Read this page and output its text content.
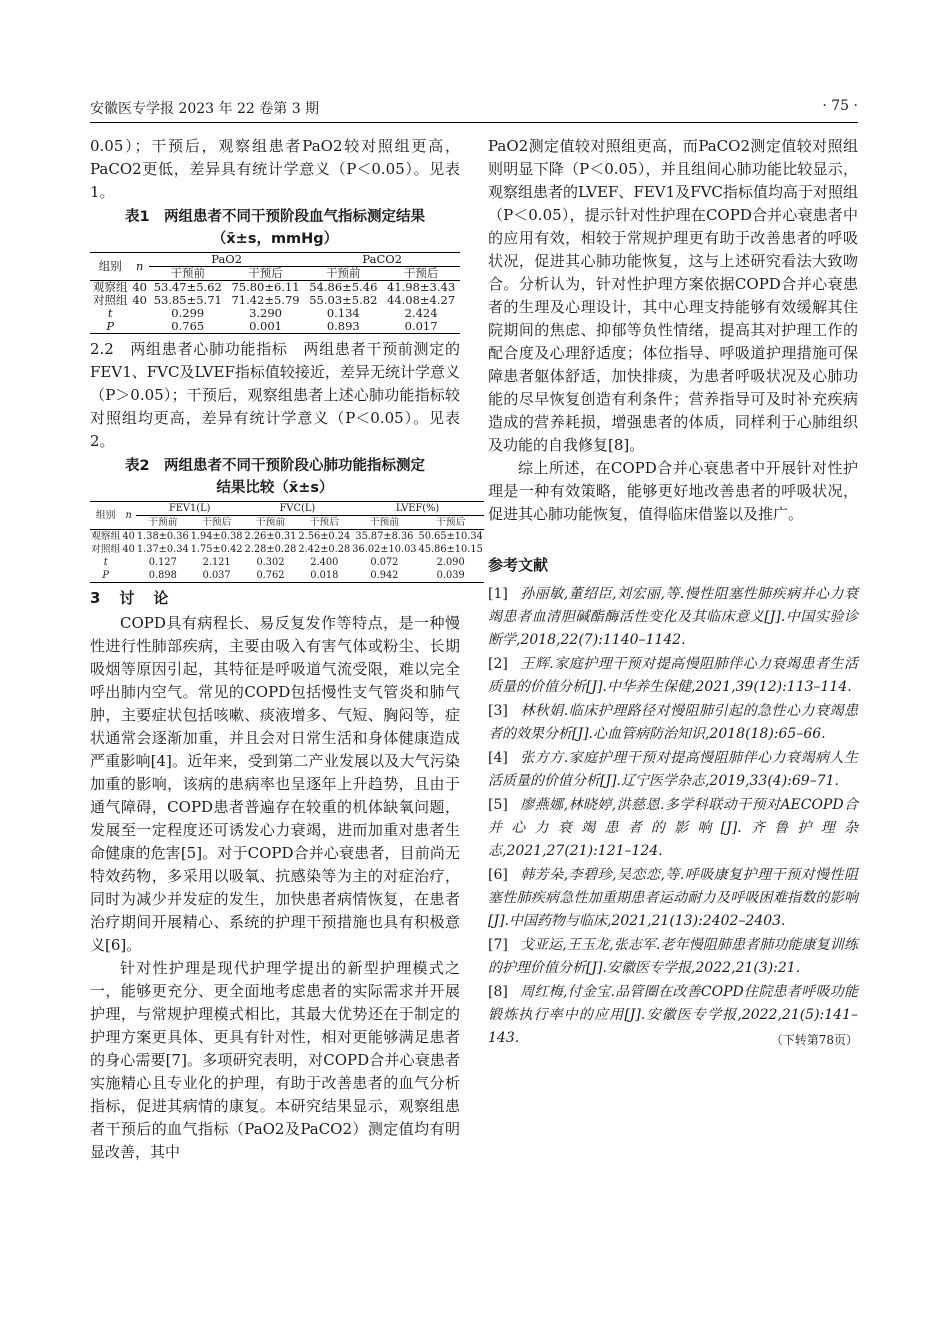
安徽医专学报 2023 年 22 卷第 3 期	· 75 ·

0.05）；干预后，观察组患者PaO2较对照组更高，PaCO2更低，差异具有统计学意义（P＜0.05）。见表1。

表1　两组患者不同干预阶段血气指标测定结果
（x̄±s，mmHg）
组别	n	PaO2		PaCO2	
		干预前	干预后	干预前	干预后
观察组	40	53.47±5.62	75.80±6.11	54.86±5.46	41.98±3.43
对照组	40	53.85±5.71	71.42±5.79	55.03±5.82	44.08±4.27
t		0.299	3.290	0.134	2.424
P		0.765	0.001	0.893	0.017

2.2　两组患者心肺功能指标　两组患者干预前测定的FEV1、FVC及LVEF指标值较接近，差异无统计学意义（P＞0.05）；干预后，观察组患者上述心肺功能指标较对照组均更高，差异有统计学意义（P＜0.05）。见表2。

表2　两组患者不同干预阶段心肺功能指标测定
结果比较（x̄±s）
组别	n	FEV1(L)		FVC(L)		LVEF(%)	
		干预前	干预后	干预前	干预后	干预前	干预后
观察组	40	1.38±0.36	1.94±0.38	2.26±0.31	2.56±0.24	35.87±8.36	50.65±10.34
对照组	40	1.37±0.34	1.75±0.42	2.28±0.28	2.42±0.28	36.02±10.03	45.86±10.15
t		0.127	2.121	0.302	2.400	0.072	2.090
P		0.898	0.037	0.762	0.018	0.942	0.039
3　讨　论

COPD具有病程长、易反复发作等特点，是一种慢性进行性肺部疾病，主要由吸入有害气体或粉尘、长期吸烟等原因引起，其特征是呼吸道气流受限，难以完全呼出肺内空气。常见的COPD包括慢性支气管炎和肺气肿，主要症状包括咳嗽、痰液增多、气短、胸闷等，症状通常会逐渐加重，并且会对日常生活和身体健康造成严重影响[4]。近年来，受到第二产业发展以及大气污染加重的影响，该病的患病率也呈逐年上升趋势，且由于通气障碍，COPD患者普遍存在较重的机体缺氧问题，发展至一定程度还可诱发心力衰竭，进而加重对患者生命健康的危害[5]。对于COPD合并心衰患者，目前尚无特效药物，多采用以吸氧、抗感染等为主的对症治疗，同时为减少并发症的发生，加快患者病情恢复，在患者治疗期间开展精心、系统的护理干预措施也具有积极意义[6]。

针对性护理是现代护理学提出的新型护理模式之一，能够更充分、更全面地考虑患者的实际需求并开展护理，与常规护理模式相比，其最大优势还在于制定的护理方案更具体、更具有针对性，相对更能够满足患者的身心需要[7]。多项研究表明，对COPD合并心衰患者实施精心且专业化的护理，有助于改善患者的血气分析指标，促进其病情的康复。本研究结果显示，观察组患者干预后的血气指标（PaO2及PaCO2）测定值均有明显改善，其中

PaO2测定值较对照组更高，而PaCO2测定值较对照组则明显下降（P＜0.05），并且组间心肺功能比较显示，观察组患者的LVEF、FEV1及FVC指标值均高于对照组（P＜0.05），提示针对性护理在COPD合并心衰患者中的应用有效，相较于常规护理更有助于改善患者的呼吸状况，促进其心肺功能恢复，这与上述研究看法大致吻合。分析认为，针对性护理方案依据COPD合并心衰患者的生理及心理设计，其中心理支持能够有效缓解其住院期间的焦虑、抑郁等负性情绪，提高其对护理工作的配合度及心理舒适度；体位指导、呼吸道护理措施可保障患者躯体舒适，加快排痰，为患者呼吸状况及心肺功能的尽早恢复创造有利条件；营养指导可及时补充疾病造成的营养耗损，增强患者的体质，同样利于心肺组织及功能的自我修复[8]。

综上所述，在COPD合并心衰患者中开展针对性护理是一种有效策略，能够更好地改善患者的呼吸状况，促进其心肺功能恢复，值得临床借鉴以及推广。

参考文献
[1] 孙丽敏,董绍臣,刘宏丽,等.慢性阻塞性肺疾病并心力衰竭患者血清胆碱酯酶活性变化及其临床意义[J].中国实验诊断学,2018,22(7):1140–1142.
[2] 王辉.家庭护理干预对提高慢阻肺伴心力衰竭患者生活质量的价值分析[J].中华养生保健,2021,39(12):113–114.
[3] 林秋娟.临床护理路径对慢阻肺引起的急性心力衰竭患者的效果分析[J].心血管病防治知识,2018(18):65–66.
[4] 张方方.家庭护理干预对提高慢阻肺伴心力衰竭病人生活质量的价值分析[J].辽宁医学杂志,2019,33(4):69–71.
[5] 廖燕娜,林晓婷,洪慈恩.多学科联动干预对AECOPD合并心力衰竭患者的影响[J].齐鲁护理杂志,2021,27(21):121–124.
[6] 韩芳朵,李碧珍,吴恋恋,等.呼吸康复护理干预对慢性阻塞性肺疾病急性加重期患者运动耐力及呼吸困难指数的影响[J].中国药物与临床,2021,21(13):2402–2403.
[7] 戈亚运,王玉龙,张志军.老年慢阻肺患者肺功能康复训练的护理价值分析[J].安徽医专学报,2022,21(3):21.
[8] 周红梅,付金宝.品管圈在改善COPD住院患者呼吸功能锻炼执行率中的应用[J].安徽医专学报,2022,21(5):141–143.	（下转第78页）
